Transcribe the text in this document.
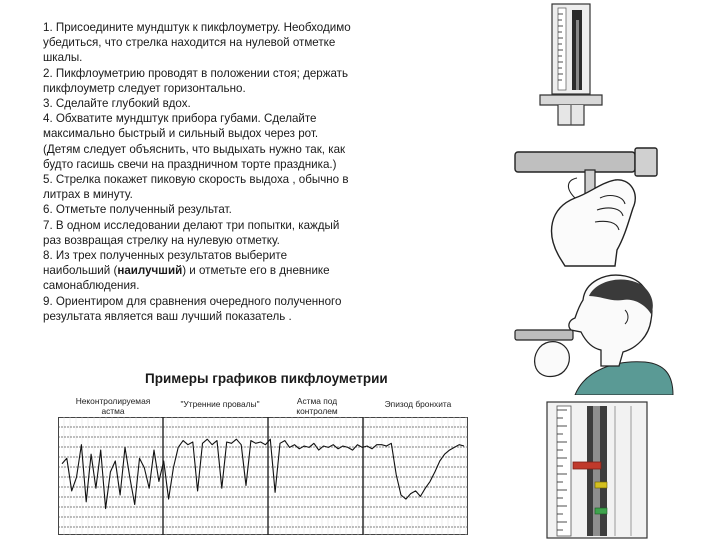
1. Присоедините мундштук к пикфлоуметру. Необходимо

убедиться, что стрелка находится на нулевой отметке

шкалы.

2. Пикфлоуметрию проводят в положении стоя; держать

пикфлоуметр следует горизонтально.

3. Сделайте глубокий вдох.

4. Обхватите мундштук прибора губами. Сделайте

максимально быстрый и сильный выдох через рот.

(Детям следует объяснить, что выдыхать нужно так, как

будто гасишь свечи на праздничном торте праздника.)

5. Стрелка покажет пиковую скорость выдоха , обычно в

литрах в минуту.

6. Отметьте полученный результат.

7. В одном исследовании делают три попытки, каждый

раз возвращая стрелку на нулевую отметку.

8. Из трех полученных результатов выберите

наибольший (наилучший) и отметьте его в дневнике

самонаблюдения.

9. Ориентиром для сравнения очередного полученного

результата является ваш лучший показатель .

Примеры графиков пикфлоуметрии
Неконтролируемая
астма
"Утренние провалы"	Астма под
контролем
Эпизод бронхита
